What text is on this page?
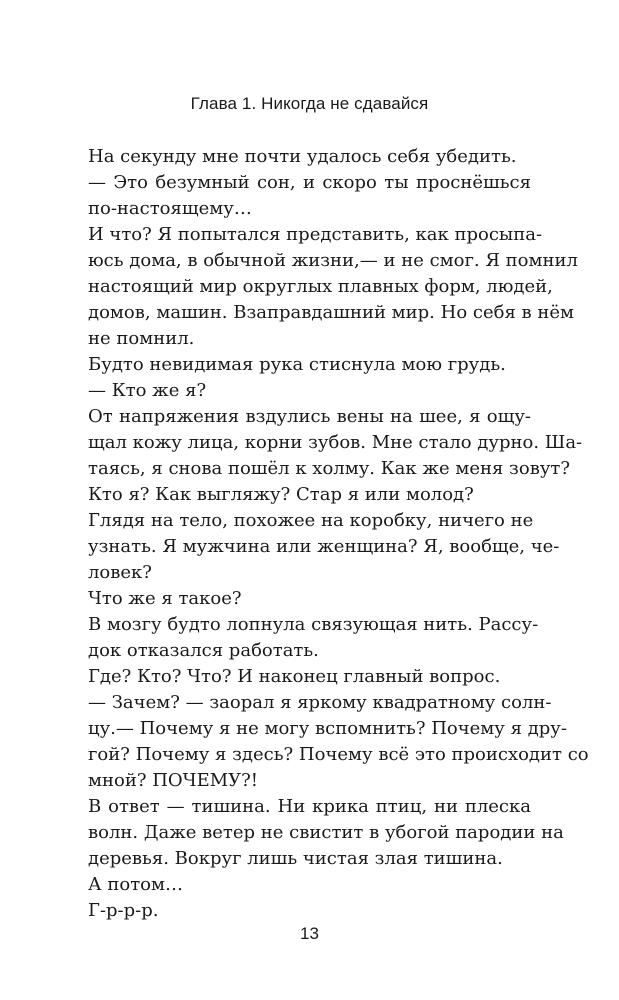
Глава 1. Никогда не сдавайся
На секунду мне почти удалось себя убедить.
— Это безумный сон, и скоро ты проснёшься
по-настоящему…
И что? Я попытался представить, как просыпа-
юсь дома, в обычной жизни,— и не смог. Я помнил
настоящий мир округлых плавных форм, людей,
домов, машин. Взаправдашний мир. Но себя в нём
не помнил.
Будто невидимая рука стиснула мою грудь.
— Кто же я?
От напряжения вздулись вены на шее, я ощу-
щал кожу лица, корни зубов. Мне стало дурно. Ша-
таясь, я снова пошёл к холму. Как же меня зовут?
Кто я? Как выгляжу? Стар я или молод?
Глядя на тело, похожее на коробку, ничего не
узнать. Я мужчина или женщина? Я, вообще, че-
ловек?
Что же я такое?
В мозгу будто лопнула связующая нить. Рассу-
док отказался работать.
Где? Кто? Что? И наконец главный вопрос.
— Зачем? — заорал я яркому квадратному солн-
цу.— Почему я не могу вспомнить? Почему я дру-
гой? Почему я здесь? Почему всё это происходит со
мной? ПОЧЕМУ?!
В ответ — тишина. Ни крика птиц, ни плеска
волн. Даже ветер не свистит в убогой пародии на
деревья. Вокруг лишь чистая злая тишина.
А потом…
Г-р-р-р.
13
